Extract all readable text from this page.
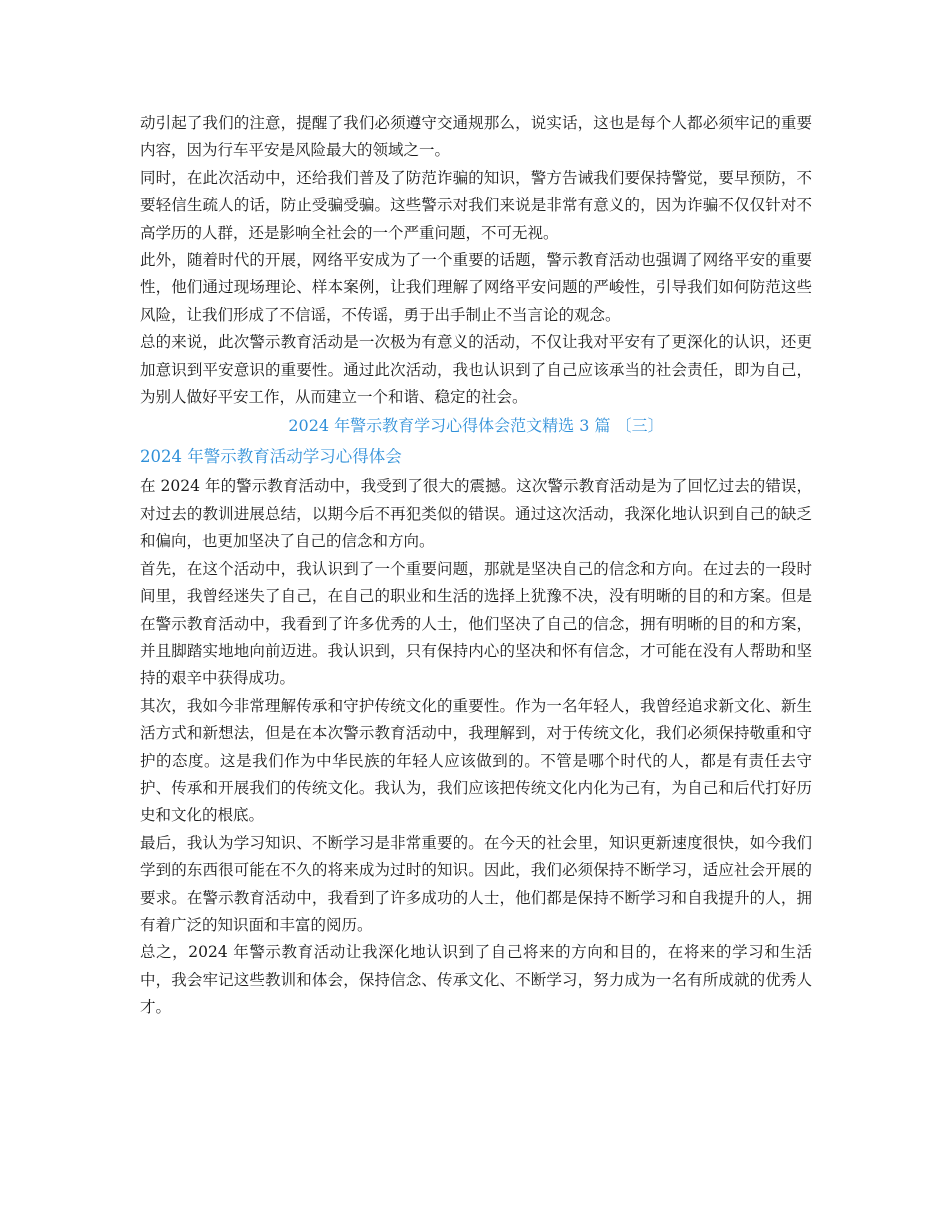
动引起了我们的注意，提醒了我们必须遵守交通规那么，说实话，这也是每个人都必须牢记的重要内容，因为行车平安是风险最大的领域之一。

同时，在此次活动中，还给我们普及了防范诈骗的知识，警方告诫我们要保持警觉，要早预防，不要轻信生疏人的话，防止受骗受骗。这些警示对我们来说是非常有意义的，因为诈骗不仅仅针对不高学历的人群，还是影响全社会的一个严重问题，不可无视。

此外，随着时代的开展，网络平安成为了一个重要的话题，警示教育活动也强调了网络平安的重要性，他们通过现场理论、样本案例，让我们理解了网络平安问题的严峻性，引导我们如何防范这些风险，让我们形成了不信谣，不传谣，勇于出手制止不当言论的观念。

总的来说，此次警示教育活动是一次极为有意义的活动，不仅让我对平安有了更深化的认识，还更加意识到平安意识的重要性。通过此次活动，我也认识到了自己应该承当的社会责任，即为自己，为别人做好平安工作，从而建立一个和谐、稳定的社会。

2024 年警示教育学习心得体会范文精选 3 篇 〔三〕

2024 年警示教育活动学习心得体会

在 2024 年的警示教育活动中，我受到了很大的震撼。这次警示教育活动是为了回忆过去的错误，对过去的教训进展总结，以期今后不再犯类似的错误。通过这次活动，我深化地认识到自己的缺乏和偏向，也更加坚决了自己的信念和方向。

首先，在这个活动中，我认识到了一个重要问题，那就是坚决自己的信念和方向。在过去的一段时间里，我曾经迷失了自己，在自己的职业和生活的选择上犹豫不决，没有明晰的目的和方案。但是在警示教育活动中，我看到了许多优秀的人士，他们坚决了自己的信念，拥有明晰的目的和方案，并且脚踏实地地向前迈进。我认识到，只有保持内心的坚决和怀有信念，才可能在没有人帮助和坚持的艰辛中获得成功。

其次，我如今非常理解传承和守护传统文化的重要性。作为一名年轻人，我曾经追求新文化、新生活方式和新想法，但是在本次警示教育活动中，我理解到，对于传统文化，我们必须保持敬重和守护的态度。这是我们作为中华民族的年轻人应该做到的。不管是哪个时代的人，都是有责任去守护、传承和开展我们的传统文化。我认为，我们应该把传统文化内化为己有，为自己和后代打好历史和文化的根底。

最后，我认为学习知识、不断学习是非常重要的。在今天的社会里，知识更新速度很快，如今我们学到的东西很可能在不久的将来成为过时的知识。因此，我们必须保持不断学习，适应社会开展的要求。在警示教育活动中，我看到了许多成功的人士，他们都是保持不断学习和自我提升的人，拥有着广泛的知识面和丰富的阅历。

总之，2024 年警示教育活动让我深化地认识到了自己将来的方向和目的，在将来的学习和生活中，我会牢记这些教训和体会，保持信念、传承文化、不断学习，努力成为一名有所成就的优秀人才。
